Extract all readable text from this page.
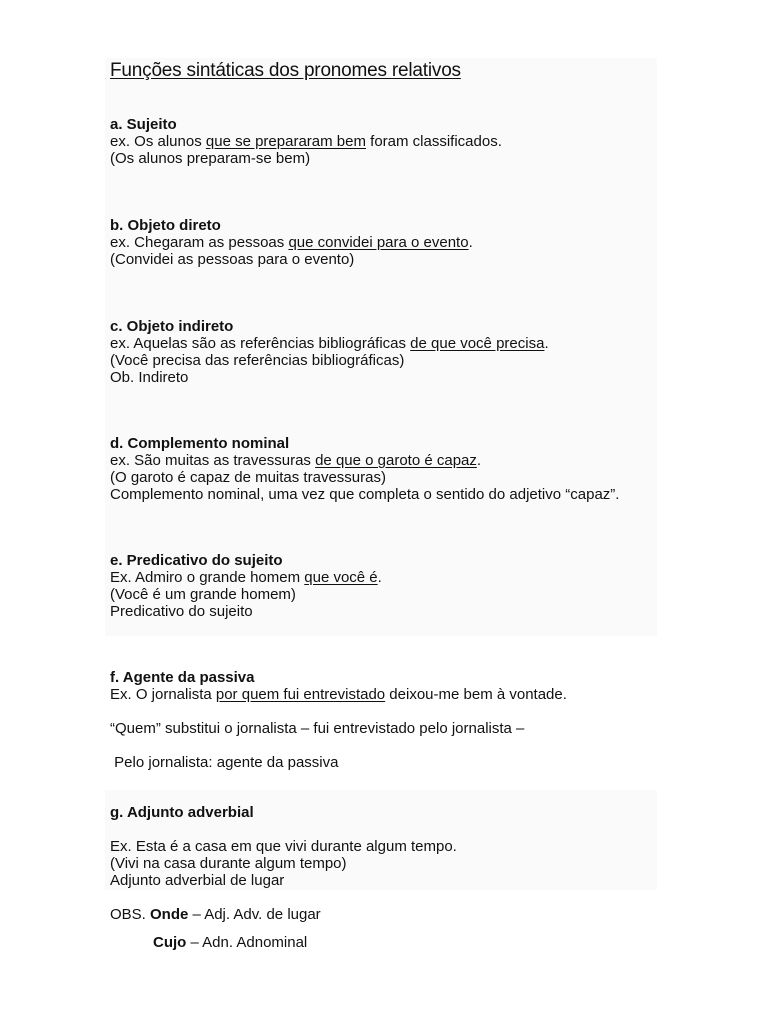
Funções sintáticas dos pronomes relativos
a. Sujeito
ex. Os alunos que se prepararam bem foram classificados.
(Os alunos preparam-se bem)
b. Objeto direto
ex. Chegaram as pessoas que convidei para o evento.
(Convidei as pessoas para o evento)
c. Objeto indireto
ex. Aquelas são as referências bibliográficas de que você precisa.
(Você precisa das referências bibliográficas)
Ob. Indireto
d. Complemento nominal
ex. São muitas as travessuras de que o garoto é capaz.
(O garoto é capaz de muitas travessuras)
Complemento nominal, uma vez que completa o sentido do adjetivo “capaz”.
e. Predicativo do sujeito
Ex. Admiro o grande homem que você é.
(Você é um grande homem)
Predicativo do sujeito
f. Agente da passiva
Ex. O jornalista por quem fui entrevistado deixou-me bem à vontade.
“Quem” substitui o jornalista – fui entrevistado pelo jornalista –
Pelo jornalista: agente da passiva
g. Adjunto adverbial
Ex. Esta é a casa em que vivi durante algum tempo.
(Vivi na casa durante algum tempo)
Adjunto adverbial de lugar
OBS. Onde – Adj. Adv. de lugar
Cujo – Adn. Adnominal
